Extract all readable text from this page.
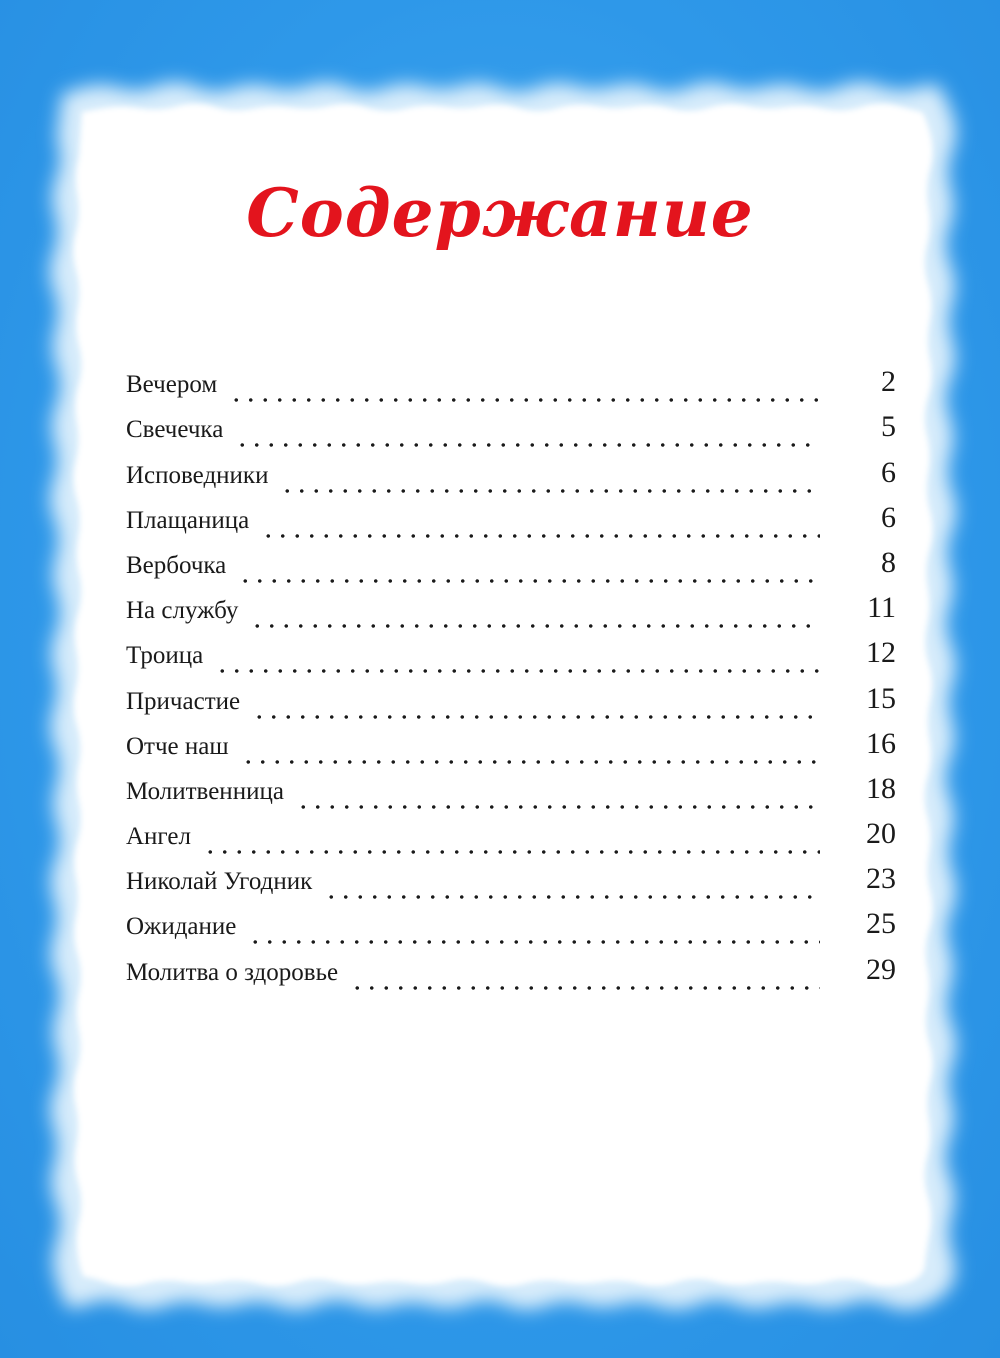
Содержание
Вечером	2
Свечечка	5
Исповедники	6
Плащаница	6
Вербочка	8
На службу	11
Троица	12
Причастие	15
Отче наш	16
Молитвенница	18
Ангел	20
Николай Угодник	23
Ожидание	25
Молитва о здоровье	29
